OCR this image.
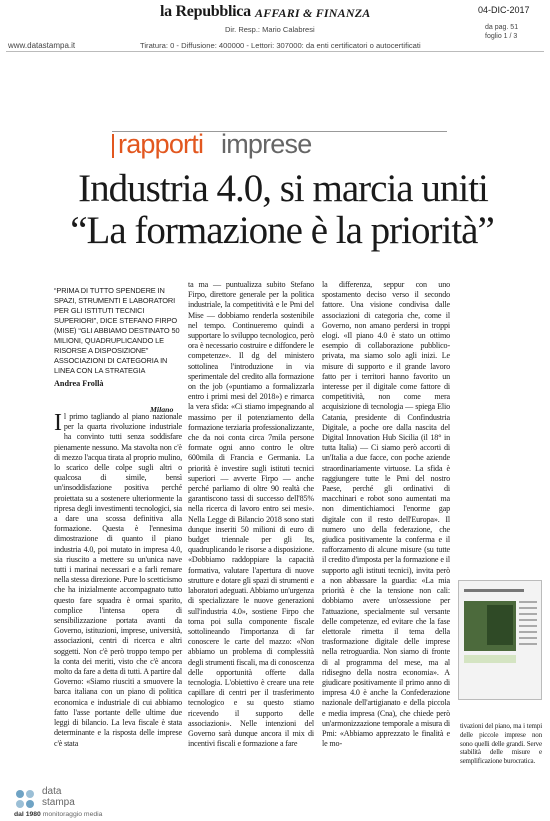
la Repubblica AFFARI & FINANZA	04-DIC-2017
Dir. Resp.: Mario Calabresi	da pag. 51
foglio 1 / 3
www.datastampa.it	Tiratura: 0 - Diffusione: 400000 - Lettori: 307000: da enti certificatori o autocertificati
rapporti imprese
Industria 4.0, si marcia uniti
“La formazione è la priorità”
“PRIMA DI TUTTO SPENDERE IN SPAZI, STRUMENTI E LABORATORI PER GLI ISTITUTI TECNICI SUPERIORI”, DICE STEFANO FIRPO (MISE) “GLI ABBIAMO DESTINATO 50 MILIONI, QUADRUPLICANDO LE RISORSE A DISPOSIZIONE” ASSOCIAZIONI DI CATEGORIA IN LINEA CON LA STRATEGIA
Andrea Frollà
Milano
Il primo tagliando al piano nazionale per la quarta rivoluzione industriale ha convinto tutti senza soddisfare pienamente nessuno. Ma stavolta non c'è di mezzo l'acqua tirata al proprio mulino, lo scarico delle colpe sugli altri o qualcosa di simile, bensì un'insoddisfazione positiva perché proiettata su a sostenere ulteriormente la ripresa degli investimenti tecnologici, sia a dare una scossa definitiva alla formazione. Questa è l'ennesima dimostrazione di quanto il piano industria 4.0, poi mutato in impresa 4.0, sia riuscito a mettere su un'unica nave tutti i marinai necessari e a farli remare nella stessa direzione. Pure lo scetticismo che ha inizialmente accompagnato tutto questo fare squadra è ormai sparito, complice l'intensa opera di sensibilizzazione portata avanti da Governo, istituzioni, imprese, università, associazioni, centri di ricerca e altri soggetti. Non c'è però troppo tempo per la conta dei meriti, visto che c'è ancora molto da fare a detta di tutti. A partire dal Governo: «Siamo riusciti a smuovere la barca italiana con un piano di politica economica e industriale di cui abbiamo fatto l'asse portante delle ultime due leggi di bilancio. La leva fiscale è stata determinante e la risposta delle imprese c'è stata
ta ma — puntualizza subito Stefano Firpo, direttore generale per la politica industriale, la competitività e le Pmi del Mise — dobbiamo renderla sostenibile nel tempo. Continueremo quindi a supportare lo sviluppo tecnologico, però ora è necessario costruire e diffondere le competenze». Il dg del ministero sottolinea l'introduzione in via sperimentale del credito alla formazione on the job («puntiamo a formalizzarla entro i primi mesi del 2018») e rimarca la vera sfida: «Ci stiamo impegnando al massimo per il potenziamento della formazione terziaria professionalizzante, che da noi conta circa 7mila persone formate ogni anno contro le oltre 600mila di Francia e Germania. La priorità è investire sugli istituti tecnici superiori — avverte Firpo — anche perché parliamo di oltre 90 realtà che garantiscono tassi di successo dell'85% nella ricerca di lavoro entro sei mesi». Nella Legge di Bilancio 2018 sono stati dunque inseriti 50 milioni di euro di budget triennale per gli Its, quadruplicando le risorse a disposizione. «Dobbiamo raddoppiare la capacità formativa, valutare l'apertura di nuove strutture e dotare gli spazi di strumenti e laboratori adeguati. Abbiamo un'urgenza di specializzare le nuove generazioni sull'industria 4.0», sostiene Firpo che torna poi sulla componente fiscale sottolineando l'importanza di far conoscere le carte del mazzo: «Non abbiamo un problema di complessità degli strumenti fiscali, ma di conoscenza delle opportunità offerte dalla tecnologia. L'obiettivo è creare una rete capillare di centri per il trasferimento tecnologico e su questo stiamo ricevendo il supporto delle associazioni». Nelle intenzioni del Governo sarà dunque ancora il mix di incentivi fiscali e formazione a fare
la differenza, seppur con uno spostamento deciso verso il secondo fattore. Una visione condivisa dalle associazioni di categoria che, come il Governo, non amano perdersi in troppi elogi. «Il piano 4.0 è stato un ottimo esempio di collaborazione pubblico-privata, ma siamo solo agli inizi. Le misure di supporto e il grande lavoro fatto per i territori hanno favorito un interesse per il digitale come fattore di competitività, non come mera acquisizione di tecnologia — spiega Elio Catania, presidente di Confindustria Digitale, a poche ore dalla nascita del Digital Innovation Hub Sicilia (il 18° in tutta Italia) — Ci siamo però accorti di un'Italia a due facce, con poche aziende straordinariamente virtuose. La sfida è raggiungere tutte le Pmi del nostro Paese, perché gli ordinativi di macchinari e robot sono aumentati ma non dimentichiamoci l'enorme gap digitale con il resto dell'Europa». Il numero uno della federazione, che giudica positivamente la conferma e il rafforzamento di alcune misure (su tutte il credito d'imposta per la formazione e il supporto agli istituti tecnici), invita però a non abbassare la guardia: «La mia priorità è che la tensione non cali: dobbiamo avere un'ossessione per l'attuazione, specialmente sul versante delle competenze, ed evitare che la fase elettorale rimetta il tema della trasformazione digitale delle imprese nella retroguardia. Non siamo di fronte di al programma del mese, ma al ridisegno della nostra economia». A giudicare positivamente il primo anno di impresa 4.0 è anche la Confederazione nazionale dell'artigianato e della piccola e media impresa (Cna), che chiede però un'armonizzazione temporale a misura di Pmi: «Abbiamo apprezzato le finalità e le mo-
tivazioni del piano, ma i tempi delle piccole imprese non sono quelli delle grandi. Serve stabilità delle misure e semplificazione burocratica.
data
stampa
dal 1980 monitoraggio media
